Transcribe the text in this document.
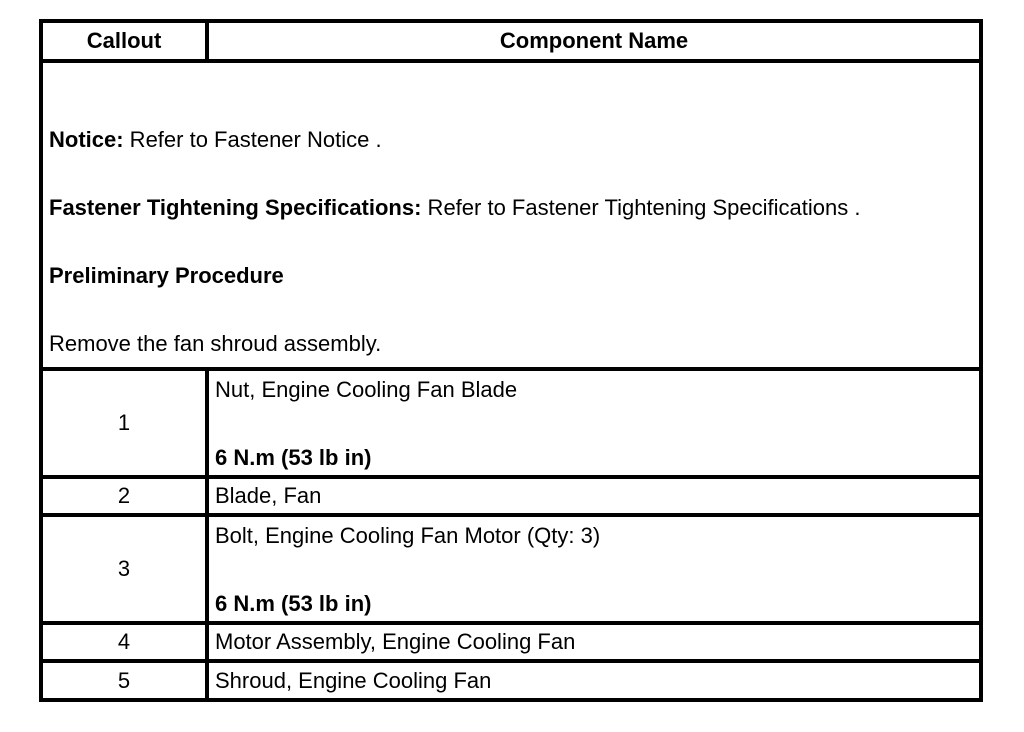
Callout	Component Name

Notice: Refer to Fastener Notice .

Fastener Tightening Specifications: Refer to Fastener Tightening Specifications .

Preliminary Procedure

Remove the fan shroud assembly.	

1	Nut, Engine Cooling Fan Blade
6 N.m (53 lb in)

2	Blade, Fan
3	Bolt, Engine Cooling Fan Motor (Qty: 3)
6 N.m (53 lb in)

4	Motor Assembly, Engine Cooling Fan
5	Shroud, Engine Cooling Fan
